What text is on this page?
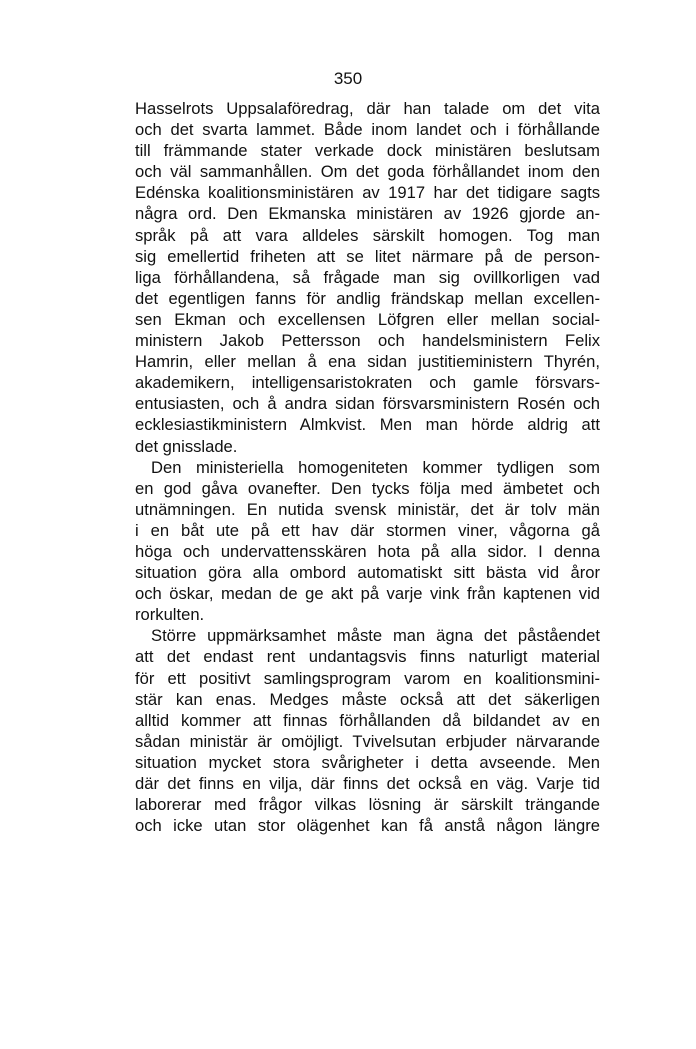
350
Hasselrots Uppsalaföredrag, där han talade om det vita
och det svarta lammet. Både inom landet och i förhållande
till främmande stater verkade dock ministären beslutsam
och väl sammanhållen. Om det goda förhållandet inom den
Edénska koalitionsministären av 1917 har det tidigare sagts
några ord. Den Ekmanska ministären av 1926 gjorde an-
språk på att vara alldeles särskilt homogen. Tog man
sig emellertid friheten att se litet närmare på de person-
liga förhållandena, så frågade man sig ovillkorligen vad
det egentligen fanns för andlig frändskap mellan excellen-
sen Ekman och excellensen Löfgren eller mellan social-
ministern Jakob Pettersson och handelsministern Felix
Hamrin, eller mellan å ena sidan justitieministern Thyrén,
akademikern, intelligensaristokraten och gamle försvars-
entusiasten, och å andra sidan försvarsministern Rosén och
ecklesiastikministern Almkvist. Men man hörde aldrig att
det gnisslade.
Den ministeriella homogeniteten kommer tydligen som
en god gåva ovanefter. Den tycks följa med ämbetet och
utnämningen. En nutida svensk ministär, det är tolv män
i en båt ute på ett hav där stormen viner, vågorna gå
höga och undervattensskären hota på alla sidor. I denna
situation göra alla ombord automatiskt sitt bästa vid åror
och öskar, medan de ge akt på varje vink från kaptenen vid
rorkulten.
Större uppmärksamhet måste man ägna det påståendet
att det endast rent undantagsvis finns naturligt material
för ett positivt samlingsprogram varom en koalitionsmini-
stär kan enas. Medges måste också att det säkerligen
alltid kommer att finnas förhållanden då bildandet av en
sådan ministär är omöjligt. Tvivelsutan erbjuder närvarande
situation mycket stora svårigheter i detta avseende. Men
där det finns en vilja, där finns det också en väg. Varje tid
laborerar med frågor vilkas lösning är särskilt trängande
och icke utan stor olägenhet kan få anstå någon längre
